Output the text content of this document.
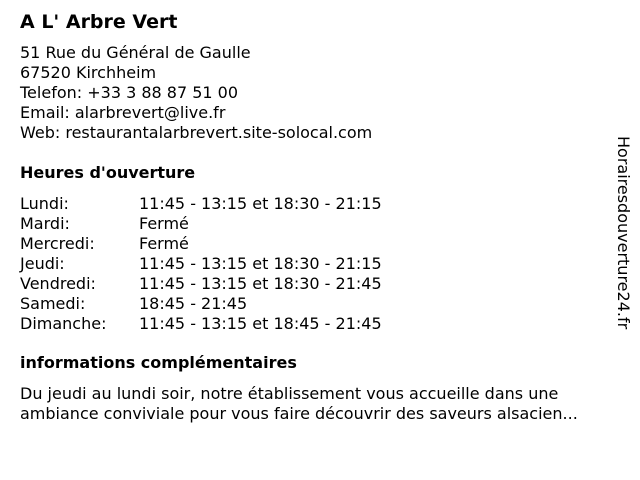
A L' Arbre Vert
51 Rue du Général de Gaulle
67520 Kirchheim
Telefon: +33 3 88 87 51 00
Email: alarbrevert@live.fr
Web: restaurantalarbrevert.site-solocal.com
Heures d'ouverture
Lundi:	11:45 - 13:15 et 18:30 - 21:15
Mardi:	Fermé
Mercredi:	Fermé
Jeudi:	11:45 - 13:15 et 18:30 - 21:15
Vendredi:	11:45 - 13:15 et 18:30 - 21:45
Samedi:	18:45 - 21:45
Dimanche:	11:45 - 13:15 et 18:45 - 21:45
informations complémentaires
Du jeudi au lundi soir, notre établissement vous accueille dans une
ambiance conviviale pour vous faire découvrir des saveurs alsacien...
Horairesdouverture24.fr
